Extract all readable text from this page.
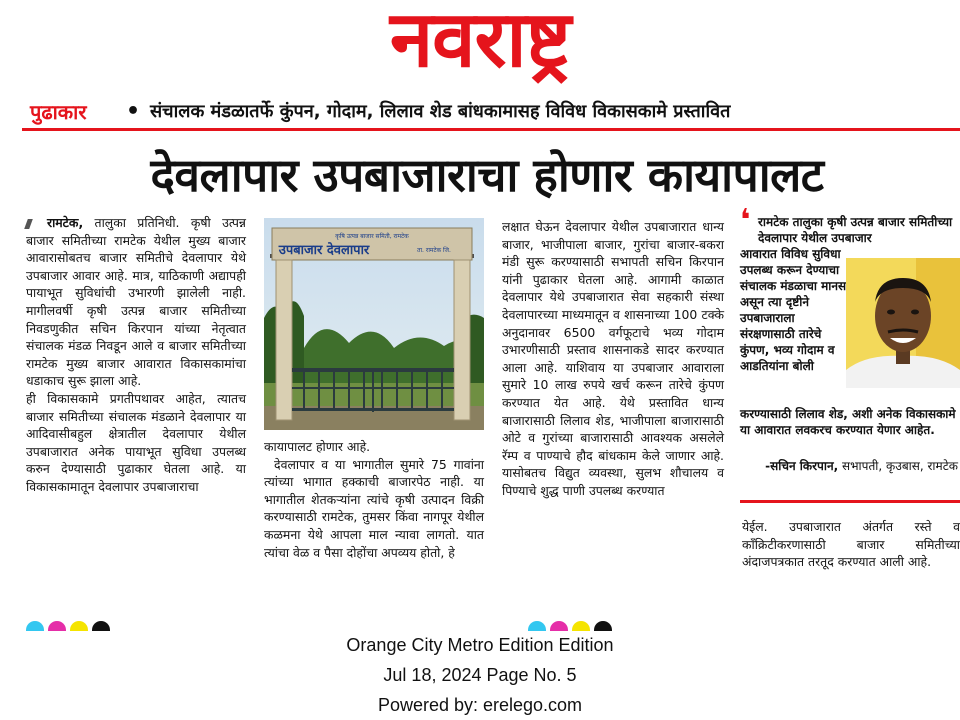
नवराष्ट्र
पुढाकार • संचालक मंडळातर्फे कुंपन, गोदाम, लिलाव शेड बांधकामासह विविध विकासकामे प्रस्तावित
देवलापार उपबाजाराचा होणार कायापालट

रामटेक, तालुका प्रतिनिधी. कृषी उत्पन्न बाजार समितीच्या रामटेक येथील मुख्य बाजार आवारासोबतच बाजार समितीचे देवलापार येथे उपबाजार आवार आहे. मात्र, याठिकाणी अद्यापही पायाभूत सुविधांची उभारणी झालेली नाही. मागीलवर्षी कृषी उत्पन्न बाजार समितीच्या निवडणुकीत सचिन किरपान यांच्या नेतृत्वात संचालक मंडळ निवडून आले व बाजार समितीच्या रामटेक मुख्य बाजार आवारात विकासकामांचा धडाकाच सुरू झाला आहे.

ही विकासकामे प्रगतीपथावर आहेत, त्यातच बाजार समितीच्या संचालक मंडळाने देवलापार या आदिवासीबहुल क्षेत्रातील देवलापार येथील उपबाजारात अनेक पायाभूत सुविधा उपलब्ध करुन देण्यासाठी पुढाकार घेतला आहे. या विकासकामातून देवलापार उपबाजाराचा

कृषि उत्पन्न बाजार समिती, रामटेक
उपबाजार देवलापार	ता. रामटेक जि.

कायापालट होणार आहे.

देवलापार व या भागातील सुमारे 75 गावांना त्यांच्या भागात हक्काची बाजारपेठ नाही. या भागातील शेतकऱ्यांना त्यांचे कृषी उत्पादन विक्री करण्यासाठी रामटेक, तुमसर किंवा नागपूर येथील कळमना येथे आपला माल न्यावा लागतो. यात त्यांचा वेळ व पैसा दोहोंचा अपव्यय होतो, हे

लक्षात घेऊन देवलापार येथील उपबाजारात धान्य बाजार, भाजीपाला बाजार, गुरांचा बाजार-बकरा मंडी सुरू करण्यासाठी सभापती सचिन किरपान यांनी पुढाकार घेतला आहे. आगामी काळात देवलापार येथे उपबाजारात सेवा सहकारी संस्था देवलापारच्या माध्यमातून व शासनाच्या 100 टक्के अनुदानावर 6500 वर्गफूटाचे भव्य गोदाम उभारणीसाठी प्रस्ताव शासनाकडे सादर करण्यात आला आहे. याशिवाय या उपबाजार आवाराला सुमारे 10 लाख रुपये खर्च करून तारेचे कुंपण करण्यात येत आहे. येथे प्रस्तावित धान्य बाजारासाठी लिलाव शेड, भाजीपाला बाजारासाठी ओटे व गुरांच्या बाजारासाठी आवश्यक असलेले रॅम्प व पाण्याचे हौद बांधकाम केले जाणार आहे. यासोबतच विद्युत व्यवस्था, सुलभ शौचालय व पिण्याचे शुद्ध पाणी उपलब्ध करण्यात

❛ रामटेक तालुका कृषी उत्पन्न बाजार समितीच्या देवलापार येथील उपबाजार
आवारात विविध सुविधा उपलब्ध करून देण्याचा संचालक मंडळाचा मानस असून त्या दृष्टीने उपबाजाराला संरक्षणासाठी तारेचे कुंपण, भव्य गोदाम व आडतियांना बोली
करण्यासाठी लिलाव शेड, अशी अनेक विकासकामे या आवारात लवकरच करण्यात येणार आहेत.
-सचिन किरपान, सभापती, कृउबास, रामटेक

येईल. उपबाजारात अंतर्गत रस्ते व काँक्रिटीकरणासाठी बाजार समितीच्या अंदाजपत्रकात तरतूद करण्यात आली आहे.

Orange City Metro Edition Edition
Jul 18, 2024 Page No. 5
Powered by: erelego.com
